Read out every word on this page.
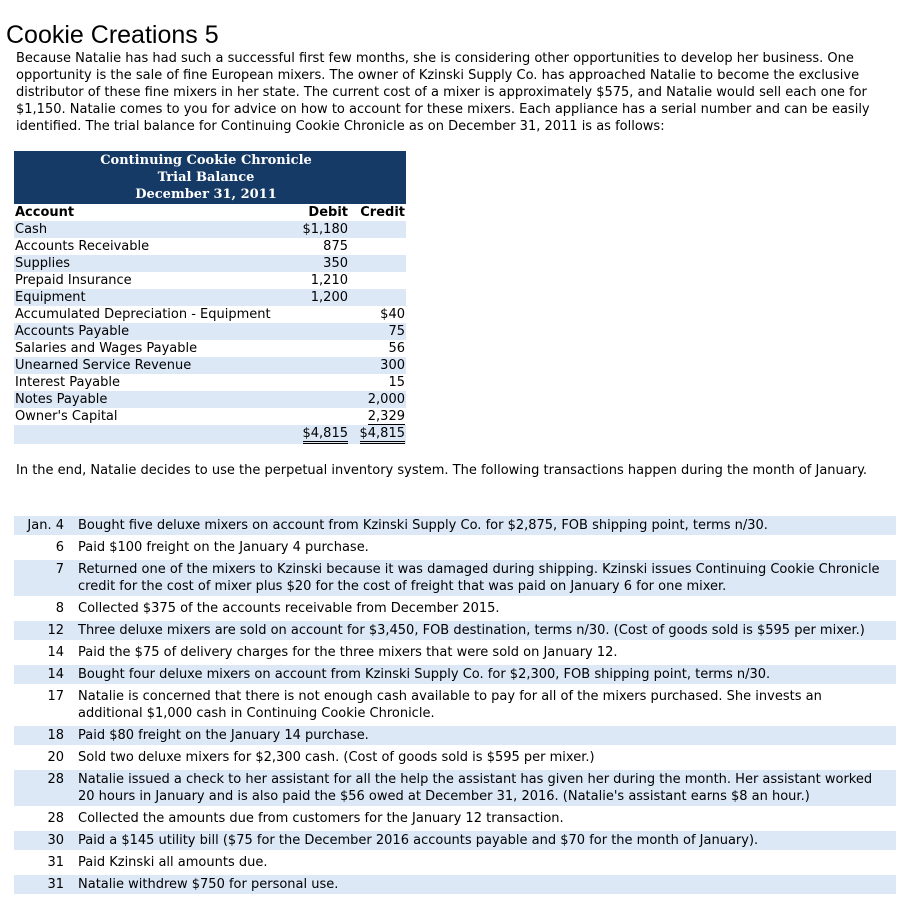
Cookie Creations 5

Because Natalie has had such a successful first few months, she is considering other opportunities to develop her business. One opportunity is the sale of fine European mixers. The owner of Kzinski Supply Co. has approached Natalie to become the exclusive distributor of these fine mixers in her state. The current cost of a mixer is approximately $575, and Natalie would sell each one for $1,150. Natalie comes to you for advice on how to account for these mixers. Each appliance has a serial number and can be easily identified. The trial balance for Continuing Cookie Chronicle as on December 31, 2011 is as follows:

Continuing Cookie Chronicle
Trial Balance
December 31, 2011
Account	Debit	Credit
Cash	$1,180	
Accounts Receivable	875	
Supplies	350	
Prepaid Insurance	1,210	
Equipment	1,200	
Accumulated Depreciation - Equipment		$40
Accounts Payable		75
Salaries and Wages Payable		56
Unearned Service Revenue		300
Interest Payable		15
Notes Payable		2,000
Owner's Capital		2,329
	$4,815	$4,815

In the end, Natalie decides to use the perpetual inventory system. The following transactions happen during the month of January.

Jan. 4	Bought five deluxe mixers on account from Kzinski Supply Co. for $2,875, FOB shipping point, terms n/30.
6	Paid $100 freight on the January 4 purchase.
7	Returned one of the mixers to Kzinski because it was damaged during shipping. Kzinski issues Continuing Cookie Chronicle credit for the cost of mixer plus $20 for the cost of freight that was paid on January 6 for one mixer.
8	Collected $375 of the accounts receivable from December 2015.
12	Three deluxe mixers are sold on account for $3,450, FOB destination, terms n/30. (Cost of goods sold is $595 per mixer.)
14	Paid the $75 of delivery charges for the three mixers that were sold on January 12.
14	Bought four deluxe mixers on account from Kzinski Supply Co. for $2,300, FOB shipping point, terms n/30.
17	Natalie is concerned that there is not enough cash available to pay for all of the mixers purchased. She invests an additional $1,000 cash in Continuing Cookie Chronicle.
18	Paid $80 freight on the January 14 purchase.
20	Sold two deluxe mixers for $2,300 cash. (Cost of goods sold is $595 per mixer.)
28	Natalie issued a check to her assistant for all the help the assistant has given her during the month. Her assistant worked 20 hours in January and is also paid the $56 owed at December 31, 2016. (Natalie's assistant earns $8 an hour.)
28	Collected the amounts due from customers for the January 12 transaction.
30	Paid a $145 utility bill ($75 for the December 2016 accounts payable and $70 for the month of January).
31	Paid Kzinski all amounts due.
31	Natalie withdrew $750 for personal use.
